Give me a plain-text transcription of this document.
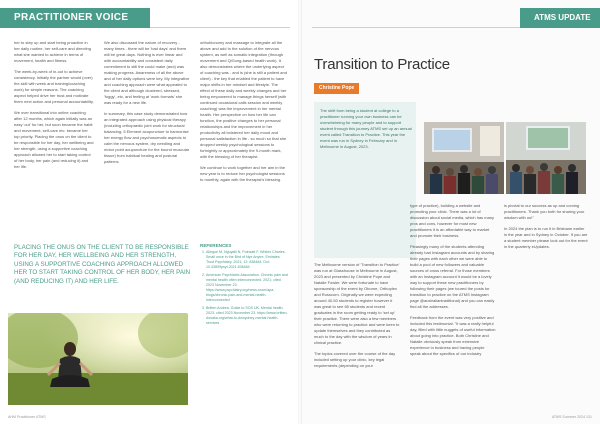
PRACTITIONER VOICE

her to step up and start being proactive in her daily routine, her self-care and directing what she wanted to achieve in terms of movement, health and fitness.

The week-by-week of in-out to achieve consistency. Initially the partner would (over) the skill with week and training/coaching work) for simple reasons. The coaching aspect helped drive her trust and motivate them next action and personal accountability.

We over transitional into online coaching after 12 months, which again initially was an easy 'out' for her, but soon became the habit and movement, self-care etc. became her top priority. Placing the onus on the client to be responsible for her day, her wellbeing and her strength, using a supportive coaching approach allowed her to start taking control of her body, her pain (and reducing it) and her life.

We also discussed the nature of recovery - many times - there will be 'bad days' and there will be great days. Nothing is ever linear and with accountability and consistent daily commitment to still the could make (and) was making progress. Awareness of all the above and of her daily options were key. My integrative and coaching approach were what appealed to the client and although clustered, stressed, 'foggy', etc, and feeling at 'work formats' she was ready for a new life.

In summary, this case study demonstrated how an integrated approach using physical therapy (including orthopaedic joint work for structural balancing; 5 Element acupuncture to harmonise her energy flow and psychosomatic aspects to calm the nervous system, dry needling and motor point acupuncture for the bound muscular tissue) from habitual healing and postural patterns.

orthobionomy and massage to integrate all the above and add to the solution of the nervous system, as well as somatic integration (through movement and QiGong-based health work). It also demonstrates where the underlying aspect of coaching was - and is (she is still a patient and client) - the key that enabled the patient to have major shifts in her mindset and lifestyle. The effect of these daily and weekly changes and her being empowered to manage things herself (with continued occasional calls session and weekly coaching) was the improvement in her mental health. Her perspective on how her life can function, the positive changes to her personal relationships and the improvement in her productivity all bolstered her daily mood and personal satisfaction in life - so much so that she dropped weekly psychological sessions to fortnightly or approximately the 9-month mark, with the blessing of her therapist.

We continue to work together and her aim in the new year is to reduce her psychologist sessions to monthly, again with the therapist's blessing.

PLACING THE ONUS ON THE CLIENT TO BE RESPONSIBLE FOR HER DAY, HER WELLBEING AND HER STRENGTH, USING A SUPPORTIVE COACHING APPROACH ALLOWED HER TO START TAKING CONTROL OF HER BODY, HER PAIN (AND REDUCING IT) AND HER LIFE.
REFERENCES
1. Allegue M, Nguyalli N, Poinsatt F. Whitex Charles. Small once in the Bird of Nye Anytre. Emirates Trust Psychiatry. 2021; 12: 838484. Doi: 10.3389/fpsyt.2021.838484
2. American Psychiatric Association. Chronic pain and mental health often interconnected. 2021; cited 2023 November 23. https://www.psychiatry.org/news-room/apa-blogs/chronic-pain-and-mental-health-interconnected
3. Britten Andrea. Guide to SOS UK. Mental health. 2023. cited 2023 November 23. https://www.britten-donaka.org/what-to-do/sydney-mental-health-services
AHM Practitioner ATMS
ATMS UPDATE
Transition to Practice
Christine Pope
The shift from being a student at college to a practitioner running your own business can be overwhelming for many people and to support student through this journey ATMS set up an annual event called Transition to Practice. This year the event was run in Sydney in February and in Melbourne in August, 2023.

The Melbourne version of 'Transition to Practice' was run at Glasshouse in Melbourne in August, 2023 and presented by Christine Pope and Natalie Fowler. We were fortunate to have sponsorship of the event by Oborne, Orthoplex and Rosscorn. Originally we were expecting around 40-50 students to register however it was great to see 65 students and recent graduates in the room getting ready to 'set up' their practice. There were also a few members who were returning to practice and were keen to update themselves and they contributed as much to the day with the wisdom of years in clinical practice.

The topics covered over the course of the day included setting up your clinic, key legal requirements (depending on your

type of practice), building a website and promoting your clinic. There was a lot of discussion about social media, which has many pros and cons, however for most new practitioners it is an affordable way to market and promote their business.

Pleasingly many of the students attending already had Instagram accounts and by sharing their pages with each other we were able to build a pool of new followers and valuable sources of cross referral. For those members with an Instagram account it would be a lovely way to support these new practitioners by following their pages (we toured the posts for transition to practice on the ATMS Instagram page @australiantraditional) and you can easily find all the addresses.

Feedback from the event was very positive and included this testimonial: "It was a really helpful day, filled with little nuggets of useful information about going into practice. Both Christine and Natalie obviously speak from extensive experience in business and having people speak about the specifics of our industry

is pivotal to our success as up and coming practitioners. Thank you both for sharing your wisdom with us!"

In 2024 the plan is to run it in Brisbane earlier in the year and in Sydney in October. If you are a student member please look out for the event in the quarterly eUpdates.

ATMS Summer 2024 131
